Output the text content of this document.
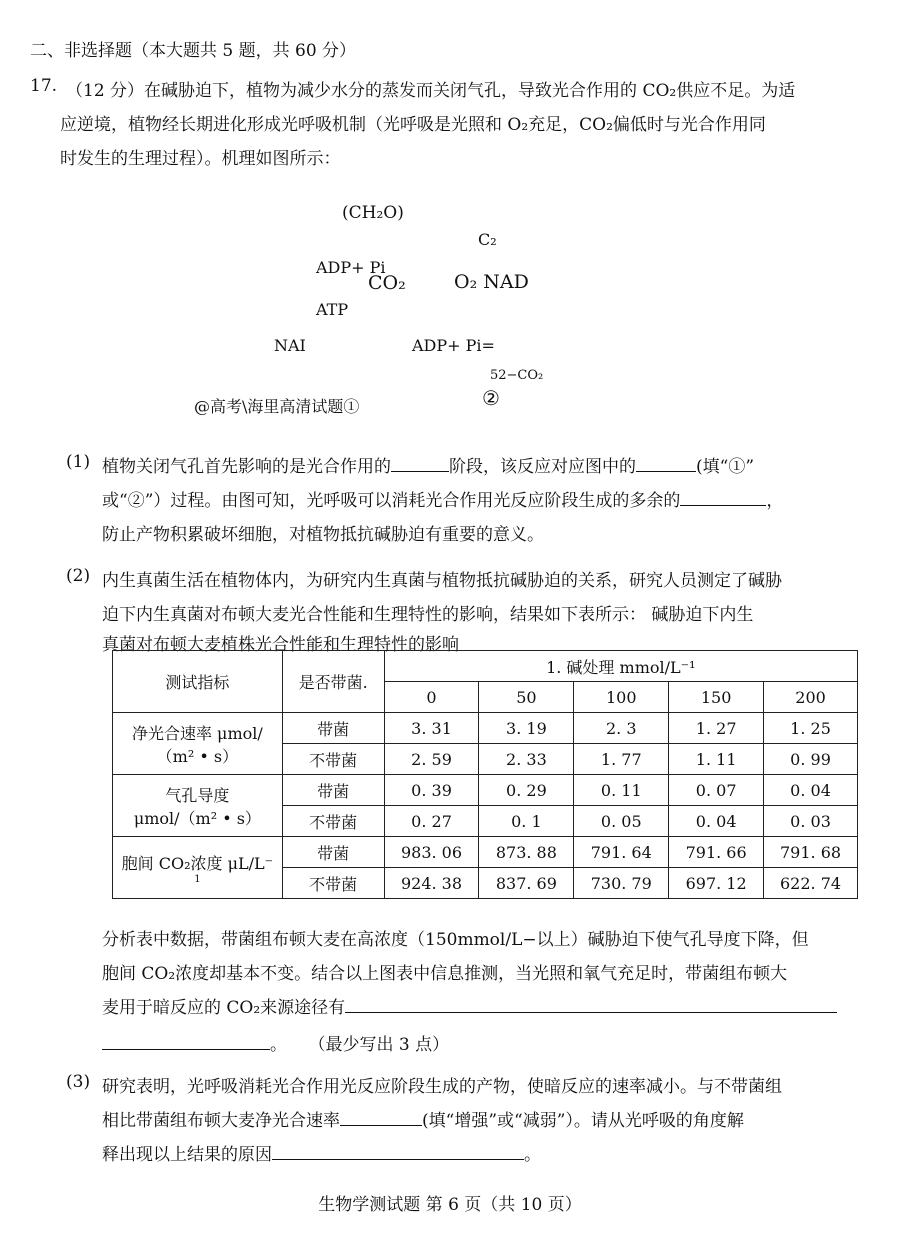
二、非选择题（本大题共 5 题，共 60 分）
17. （12 分）在碱胁迫下，植物为减少水分的蒸发而关闭气孔，导致光合作用的 CO₂供应不足。为适
应逆境，植物经长期进化形成光呼吸机制（光呼吸是光照和 O₂充足，CO₂偏低时与光合作用同
时发生的生理过程）。机理如图所示：
(CH₂O)
C₂
ADP+ Pi
CO₂	O₂ NAD
ATP
NAI	ADP+ Pi=
52−CO₂
@高考\海里高清试题①	②
(1) 植物关闭气孔首先影响的是光合作用的	阶段，该反应对应图中的	(填“①”
或“②”）过程。由图可知，光呼吸可以消耗光合作用光反应阶段生成的多余的	，
防止产物积累破坏细胞，对植物抵抗碱胁迫有重要的意义。
(2) 内生真菌生活在植物体内，为研究内生真菌与植物抵抗碱胁迫的关系，研究人员测定了碱胁
迫下内生真菌对布顿大麦光合性能和生理特性的影响，结果如下表所示： 碱胁迫下内生
真菌对布顿大麦植株光合性能和生理特性的影响
测试指标	是否带菌.	1. 碱处理 mmol/L⁻¹				
		0	50	100	150	200

净光合速率 μmol/
（m² • s）	带菌	3. 31	3. 19	2. 3	1. 27	1. 25
	不带菌	2. 59	2. 33	1. 77	1. 11	0. 99

气孔导度
μmol/（m² • s）	带菌	0. 39	0. 29	0. 11	0. 07	0. 04
	不带菌	0. 27	0. 1	0. 05	0. 04	0. 03

胞间 CO₂浓度 μL/L⁻
1	带菌	983. 06	873. 88	791. 64	791. 66	791. 68
	不带菌	924. 38	837. 69	730. 79	697. 12	622. 74
分析表中数据，带菌组布顿大麦在高浓度（150mmol/L−以上）碱胁迫下使气孔导度下降，但
胞间 CO₂浓度却基本不变。结合以上图表中信息推测，当光照和氧气充足时，带菌组布顿大
麦用于暗反应的 CO₂来源途径有
。 （最少写出 3 点）
(3) 研究表明，光呼吸消耗光合作用光反应阶段生成的产物，使暗反应的速率减小。与不带菌组
相比带菌组布顿大麦净光合速率	(填“增强”或“减弱”）。请从光呼吸的角度解
释出现以上结果的原因	。
生物学测试题 第 6 页（共 10 页）
